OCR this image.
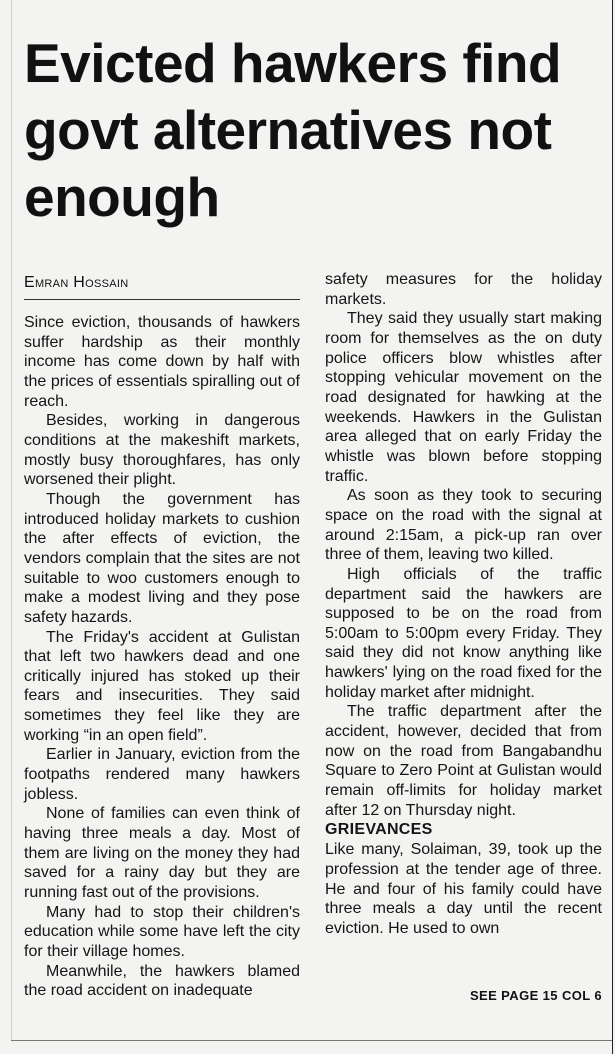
Evicted hawkers find govt alternatives not enough
Emran Hossain

Since eviction, thousands of hawkers suffer hardship as their monthly income has come down by half with the prices of essentials spiralling out of reach.

Besides, working in dangerous conditions at the makeshift markets, mostly busy thoroughfares, has only worsened their plight.

Though the government has introduced holiday markets to cushion the after effects of eviction, the vendors complain that the sites are not suitable to woo customers enough to make a modest living and they pose safety hazards.

The Friday's accident at Gulistan that left two hawkers dead and one critically injured has stoked up their fears and insecurities. They said sometimes they feel like they are working “in an open field”.

Earlier in January, eviction from the footpaths rendered many hawkers jobless.

None of families can even think of having three meals a day. Most of them are living on the money they had saved for a rainy day but they are running fast out of the provisions.

Many had to stop their children's education while some have left the city for their village homes.

Meanwhile, the hawkers blamed the road accident on inadequate

safety measures for the holiday markets.

They said they usually start making room for themselves as the on duty police officers blow whistles after stopping vehicular movement on the road designated for hawking at the weekends. Hawkers in the Gulistan area alleged that on early Friday the whistle was blown before stopping traffic.

As soon as they took to securing space on the road with the signal at around 2:15am, a pick-up ran over three of them, leaving two killed.

High officials of the traffic department said the hawkers are supposed to be on the road from 5:00am to 5:00pm every Friday. They said they did not know anything like hawkers' lying on the road fixed for the holiday market after midnight.

The traffic department after the accident, however, decided that from now on the road from Bangabandhu Square to Zero Point at Gulistan would remain off-limits for holiday market after 12 on Thursday night.

GRIEVANCES

Like many, Solaiman, 39, took up the profession at the tender age of three. He and four of his family could have three meals a day until the recent eviction. He used to own

SEE PAGE 15 COL 6
